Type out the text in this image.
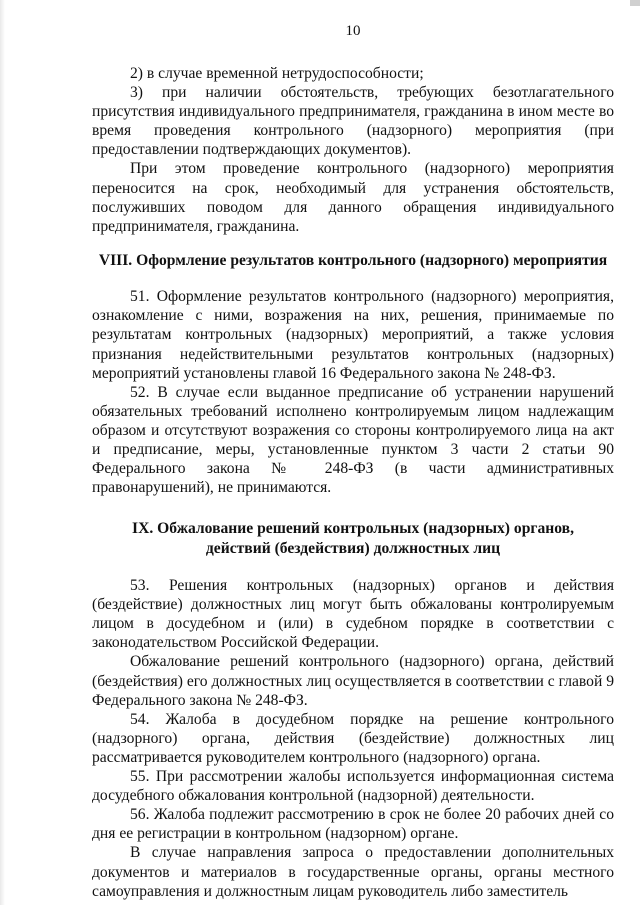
10

2) в случае временной нетрудоспособности;

3) при наличии обстоятельств, требующих безотлагательного присутствия индивидуального предпринимателя, гражданина в ином месте во время проведения контрольного (надзорного) мероприятия (при предоставлении подтверждающих документов).

При этом проведение контрольного (надзорного) мероприятия переносится на срок, необходимый для устранения обстоятельств, послуживших поводом для данного обращения индивидуального предпринимателя, гражданина.

VIII. Оформление результатов контрольного (надзорного) мероприятия

51. Оформление результатов контрольного (надзорного) мероприятия, ознакомление с ними, возражения на них, решения, принимаемые по результатам контрольных (надзорных) мероприятий, а также условия признания недействительными результатов контрольных (надзорных) мероприятий установлены главой 16 Федерального закона № 248-ФЗ.

52. В случае если выданное предписание об устранении нарушений обязательных требований исполнено контролируемым лицом надлежащим образом и отсутствуют возражения со стороны контролируемого лица на акт и предписание, меры, установленные пунктом 3 части 2 статьи 90 Федерального закона № 248-ФЗ (в части административных правонарушений), не принимаются.

IX. Обжалование решений контрольных (надзорных) органов,
действий (бездействия) должностных лиц

53. Решения контрольных (надзорных) органов и действия (бездействие) должностных лиц могут быть обжалованы контролируемым лицом в досудебном и (или) в судебном порядке в соответствии с законодательством Российской Федерации.

Обжалование решений контрольного (надзорного) органа, действий (бездействия) его должностных лиц осуществляется в соответствии с главой 9 Федерального закона № 248-ФЗ.

54. Жалоба в досудебном порядке на решение контрольного (надзорного) органа, действия (бездействие) должностных лиц рассматривается руководителем контрольного (надзорного) органа.

55. При рассмотрении жалобы используется информационная система досудебного обжалования контрольной (надзорной) деятельности.

56. Жалоба подлежит рассмотрению в срок не более 20 рабочих дней со дня ее регистрации в контрольном (надзорном) органе.

В случае направления запроса о предоставлении дополнительных документов и материалов в государственные органы, органы местного самоуправления и должностным лицам руководитель либо заместитель
